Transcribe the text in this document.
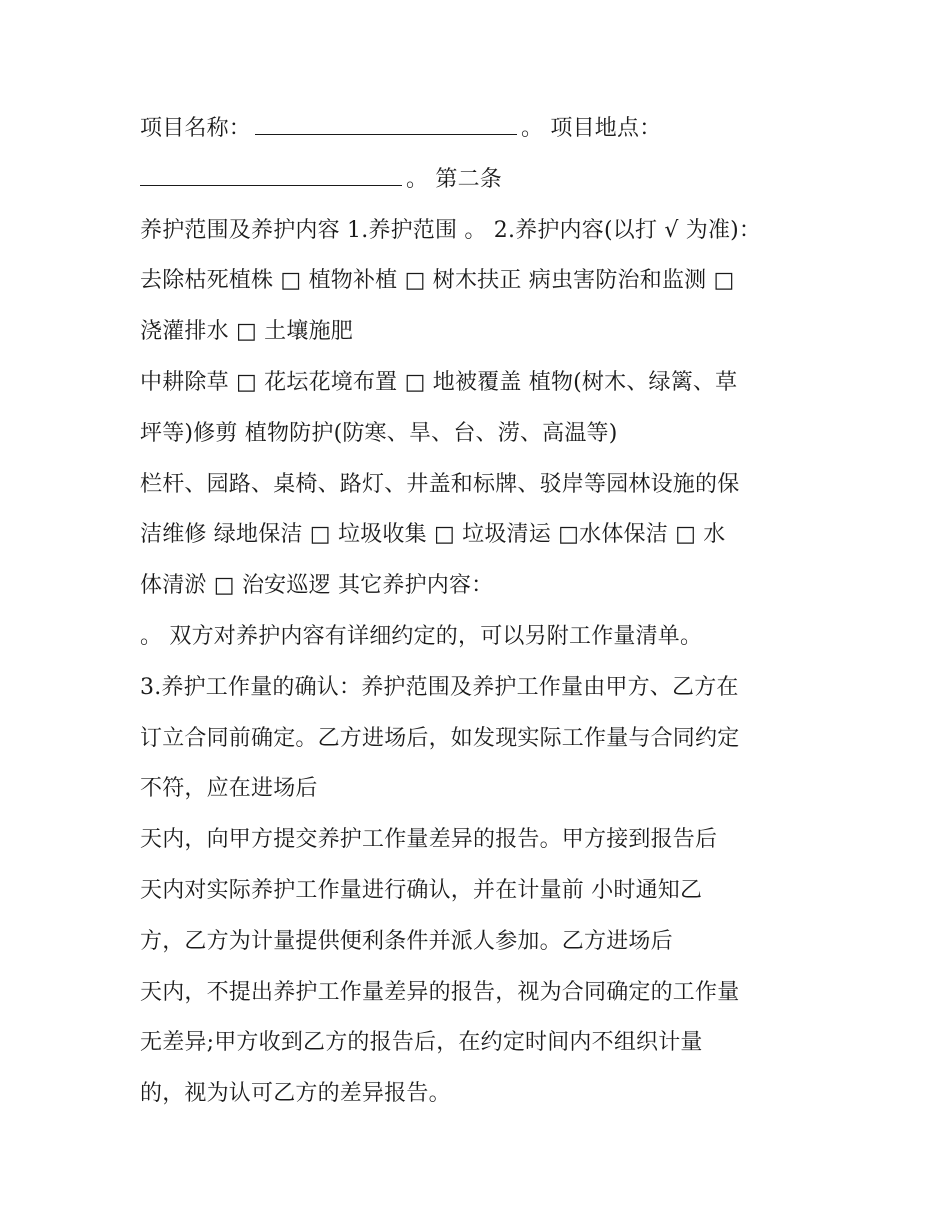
项目名称：	。 项目地点：
。 第二条
养护范围及养护内容 1.养护范围 。 2.养护内容(以打 √ 为准)：
去除枯死植株 □ 植物补植 □ 树木扶正 病虫害防治和监测 □
浇灌排水 □ 土壤施肥
中耕除草 □ 花坛花境布置 □ 地被覆盖 植物(树木、绿篱、草
坪等)修剪 植物防护(防寒、旱、台、涝、高温等)
栏杆、园路、桌椅、路灯、井盖和标牌、驳岸等园林设施的保
洁维修 绿地保洁 □ 垃圾收集 □ 垃圾清运 □水体保洁 □ 水
体清淤 □ 治安巡逻 其它养护内容：
。 双方对养护内容有详细约定的，可以另附工作量清单。
3.养护工作量的确认：养护范围及养护工作量由甲方、乙方在
订立合同前确定。乙方进场后，如发现实际工作量与合同约定
不符，应在进场后
天内，向甲方提交养护工作量差异的报告。甲方接到报告后
天内对实际养护工作量进行确认，并在计量前 小时通知乙
方，乙方为计量提供便利条件并派人参加。乙方进场后
天内，不提出养护工作量差异的报告，视为合同确定的工作量
无差异;甲方收到乙方的报告后，在约定时间内不组织计量
的，视为认可乙方的差异报告。
